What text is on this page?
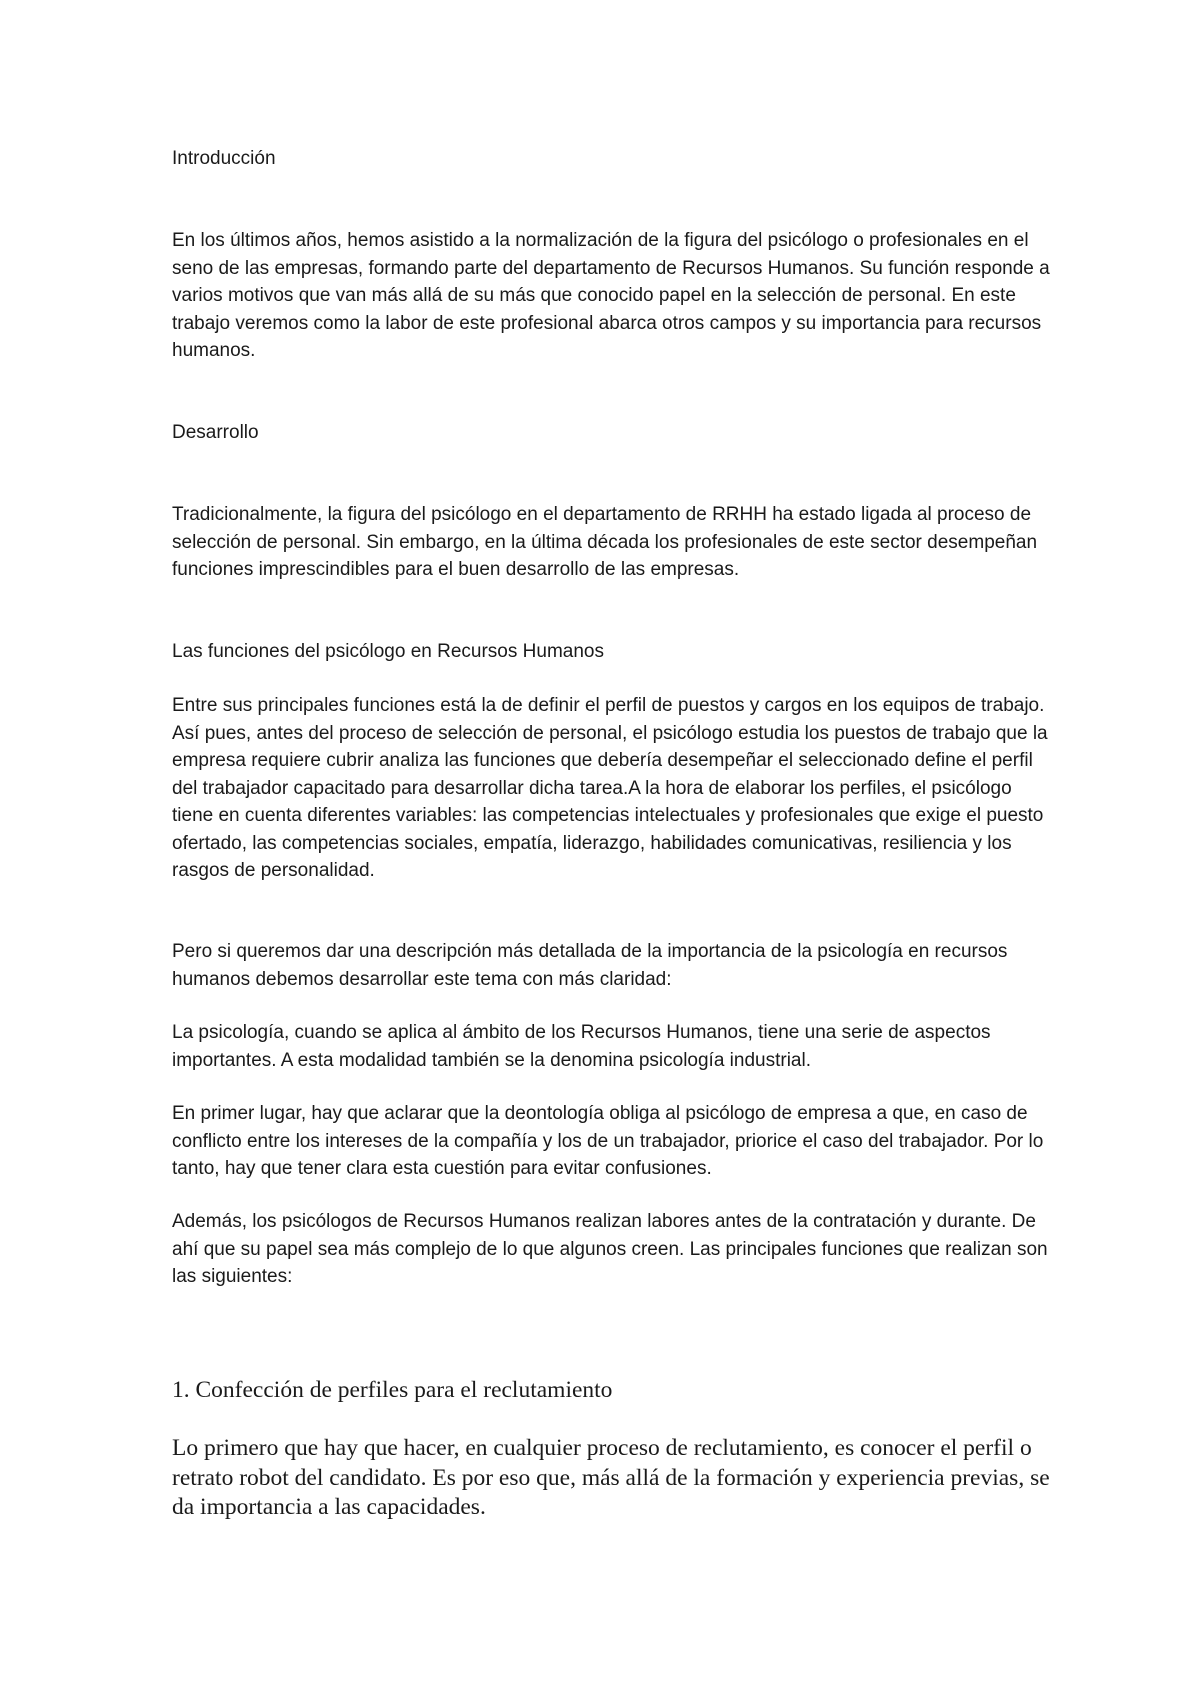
Introducción

En los últimos años, hemos asistido a la normalización de la figura del psicólogo o profesionales en el seno de las empresas, formando parte del departamento de Recursos Humanos. Su función responde a varios motivos que van más allá de su más que conocido papel en la selección de personal. En este trabajo veremos como la labor de este profesional abarca otros campos y su importancia para recursos humanos.

Desarrollo

Tradicionalmente, la figura del psicólogo en el departamento de RRHH ha estado ligada al proceso de selección de personal. Sin embargo, en la última década los profesionales de este sector desempeñan funciones imprescindibles para el buen desarrollo de las empresas.

Las funciones del psicólogo en Recursos Humanos

Entre sus principales funciones está la de definir el perfil de puestos y cargos en los equipos de trabajo. Así pues, antes del proceso de selección de personal, el psicólogo estudia los puestos de trabajo que la empresa requiere cubrir analiza las funciones que debería desempeñar el seleccionado define el perfil del trabajador capacitado para desarrollar dicha tarea.A la hora de elaborar los perfiles, el psicólogo tiene en cuenta diferentes variables: las competencias intelectuales y profesionales que exige el puesto ofertado, las competencias sociales, empatía, liderazgo, habilidades comunicativas, resiliencia y los rasgos de personalidad.

Pero si queremos dar una descripción más detallada de la importancia de la psicología en recursos humanos debemos desarrollar este tema con más claridad:

La psicología, cuando se aplica al ámbito de los Recursos Humanos, tiene una serie de aspectos importantes. A esta modalidad también se la denomina psicología industrial.

En primer lugar, hay que aclarar que la deontología obliga al psicólogo de empresa a que, en caso de conflicto entre los intereses de la compañía y los de un trabajador, priorice el caso del trabajador. Por lo tanto, hay que tener clara esta cuestión para evitar confusiones.

Además, los psicólogos de Recursos Humanos realizan labores antes de la contratación y durante. De ahí que su papel sea más complejo de lo que algunos creen. Las principales funciones que realizan son las siguientes:

1. Confección de perfiles para el reclutamiento

Lo primero que hay que hacer, en cualquier proceso de reclutamiento, es conocer el perfil o retrato robot del candidato. Es por eso que, más allá de la formación y experiencia previas, se da importancia a las capacidades.
